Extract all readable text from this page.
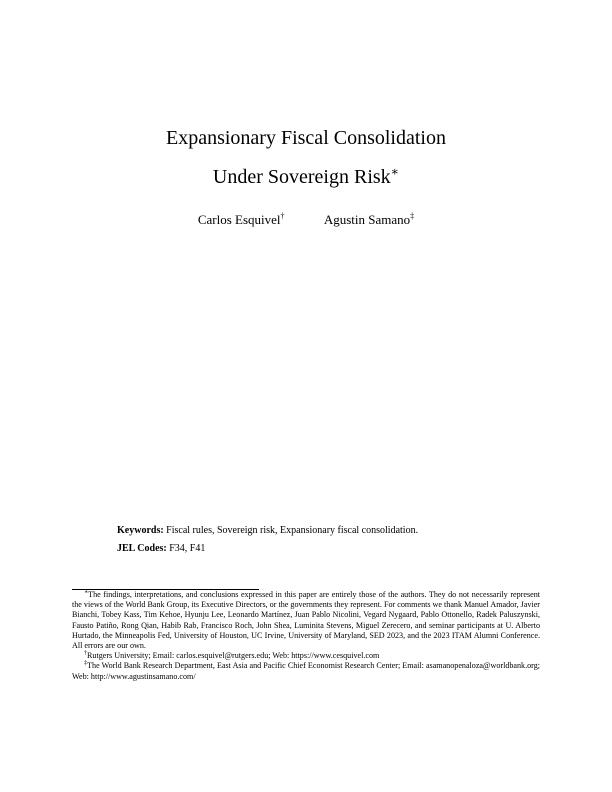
Expansionary Fiscal Consolidation
Under Sovereign Risk∗
Carlos Esquivel†	Agustin Samano‡
Keywords: Fiscal rules, Sovereign risk, Expansionary fiscal consolidation.
JEL Codes: F34, F41

∗The findings, interpretations, and conclusions expressed in this paper are entirely those of the authors. They do not necessarily represent the views of the World Bank Group, its Executive Directors, or the governments they represent. For comments we thank Manuel Amador, Javier Bianchi, Tobey Kass, Tim Kehoe, Hyunju Lee, Leonardo Martínez, Juan Pablo Nicolini, Vegard Nygaard, Pablo Ottonello, Radek Paluszynski, Fausto Patiño, Rong Qian, Habib Rab, Francisco Roch, John Shea, Luminita Stevens, Miguel Zerecero, and seminar participants at U. Alberto Hurtado, the Minneapolis Fed, University of Houston, UC Irvine, University of Maryland, SED 2023, and the 2023 ITAM Alumni Conference. All errors are our own.

†Rutgers University; Email: carlos.esquivel@rutgers.edu; Web: https://www.cesquivel.com

‡The World Bank Research Department, East Asia and Pacific Chief Economist Research Center; Email: asamanopenaloza@worldbank.org; Web: http://www.agustinsamano.com/
